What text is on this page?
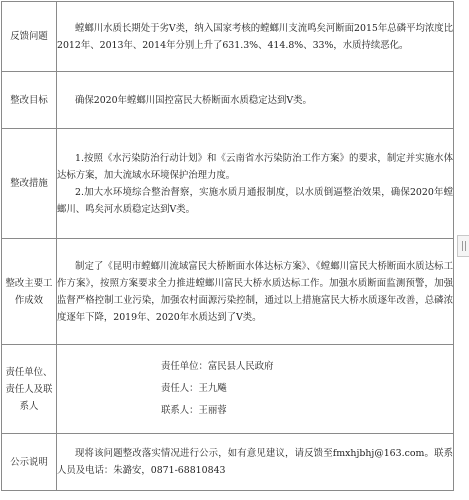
反馈问题	螳螂川水质长期处于劣Ⅴ类，纳入国家考核的螳螂川支流鸣矣河断面2015年总磷平均浓度比2012年、2013年、2014年分别上升了631.3%、414.8%、33%，水质持续恶化。
整改目标	确保2020年螳螂川国控富民大桥断面水质稳定达到Ⅴ类。
整改措施	1.按照《水污染防治行动计划》和《云南省水污染防治工作方案》的要求，制定并实施水体达标方案，加大流域水环境保护治理力度。

2.加大水环境综合整治督察，实施水质月通报制度，以水质倒逼整治效果，确保2020年螳螂川、鸣矣河水质稳定达到Ⅴ类。

整改主要工作成效	制定了《昆明市螳螂川流域富民大桥断面水体达标方案》、《螳螂川富民大桥断面水质达标工作方案》，按照方案要求全力推进螳螂川富民大桥水质达标工作。加强水质断面监测预警，加强监督严格控制工业污染，加强农村面源污染控制，通过以上措施富民大桥水质逐年改善，总磷浓度逐年下降，2019年、2020年水质达到了Ⅴ类。
责任单位、责任人及联系人	责任单位：富民县人民政府
责任人：王九飚
联系人：王丽蓉

公示说明	现将该问题整改落实情况进行公示，如有意见建议，请反馈至fmxhjbhj@163.com。联系人员及电话：朱潞安，0871-68810843
